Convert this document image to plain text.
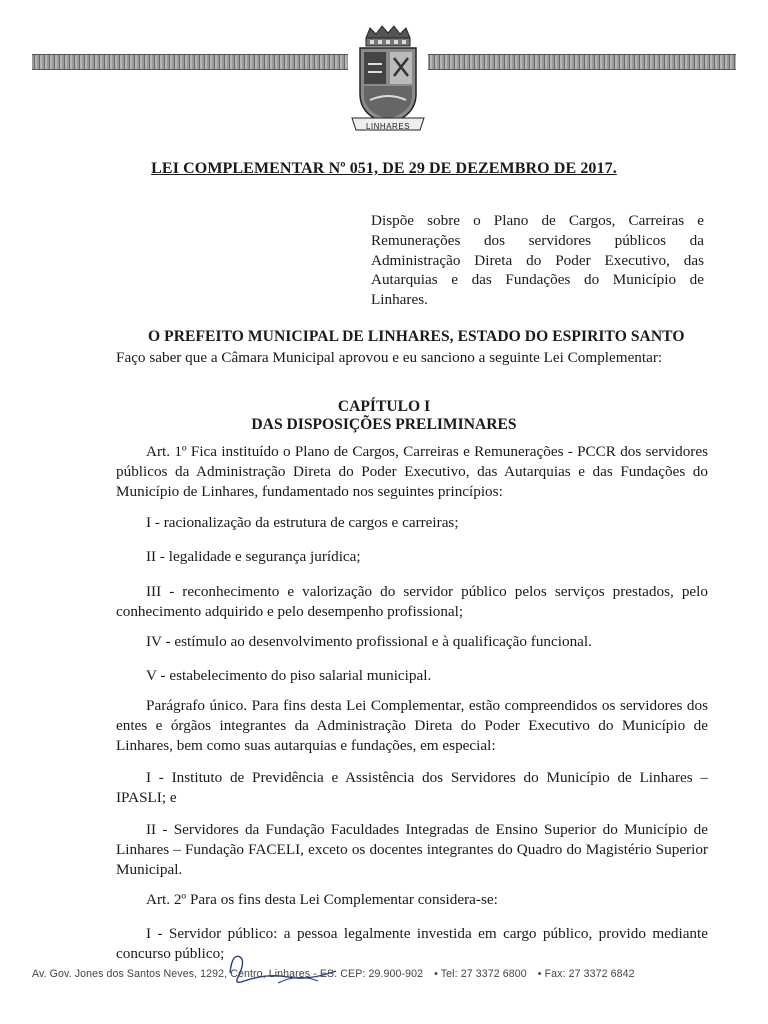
LINHARES
LEI COMPLEMENTAR Nº 051, DE 29 DE DEZEMBRO DE 2017.
Dispõe sobre o Plano de Cargos, Carreiras e Remunerações dos servidores públicos da Administração Direta do Poder Executivo, das Autarquias e das Fundações do Município de Linhares.
O PREFEITO MUNICIPAL DE LINHARES, ESTADO DO ESPIRITO SANTO
Faço saber que a Câmara Municipal aprovou e eu sanciono a seguinte Lei Complementar:
CAPÍTULO I
DAS DISPOSIÇÕES PRELIMINARES
Art. 1º Fica instituído o Plano de Cargos, Carreiras e Remunerações - PCCR dos servidores públicos da Administração Direta do Poder Executivo, das Autarquias e das Fundações do Município de Linhares, fundamentado nos seguintes princípios:
I - racionalização da estrutura de cargos e carreiras;
II - legalidade e segurança jurídica;
III - reconhecimento e valorização do servidor público pelos serviços prestados, pelo conhecimento adquirido e pelo desempenho profissional;
IV - estímulo ao desenvolvimento profissional e à qualificação funcional.
V - estabelecimento do piso salarial municipal.
Parágrafo único. Para fins desta Lei Complementar, estão compreendidos os servidores dos entes e órgãos integrantes da Administração Direta do Poder Executivo do Município de Linhares, bem como suas autarquias e fundações, em especial:
I - Instituto de Previdência e Assistência dos Servidores do Município de Linhares – IPASLI; e
II - Servidores da Fundação Faculdades Integradas de Ensino Superior do Município de Linhares – Fundação FACELI, exceto os docentes integrantes do Quadro do Magistério Superior Municipal.
Art. 2º Para os fins desta Lei Complementar considera-se:
I - Servidor público: a pessoa legalmente investida em cargo público, provido mediante concurso público;
Av. Gov. Jones dos Santos Neves, 1292, Centro, Linhares - ES. CEP: 29.900-902 • Tel: 27 3372 6800 • Fax: 27 3372 6842
